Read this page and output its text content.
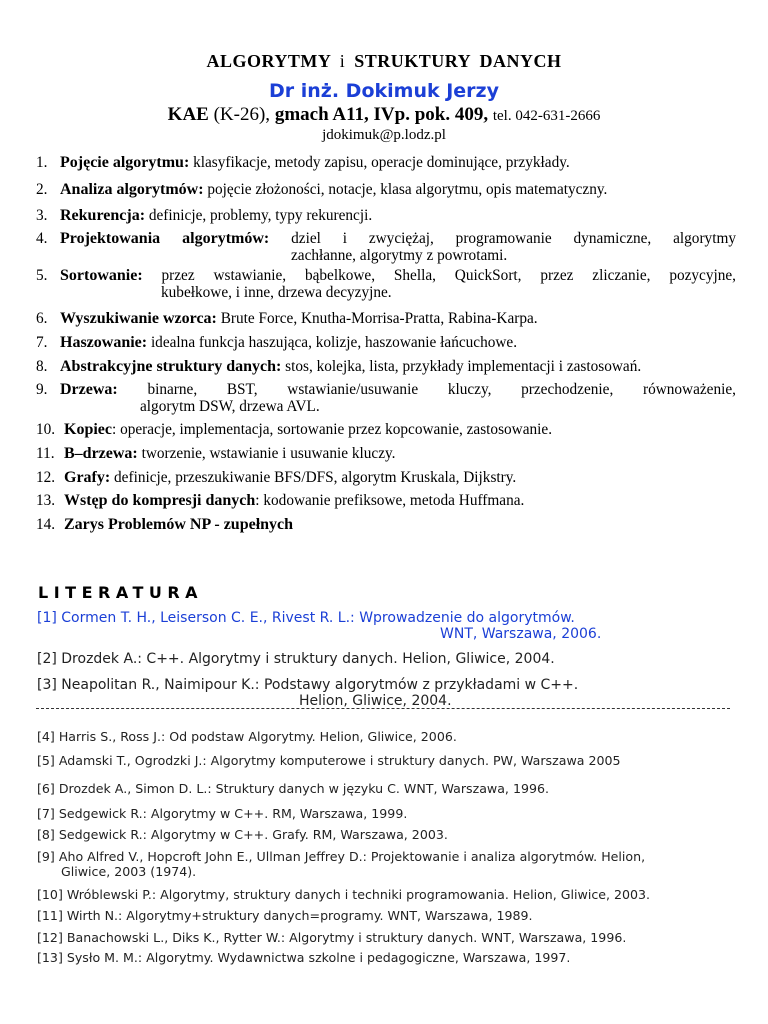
ALGORYTMY i STRUKTURY DANYCH
Dr inż. Dokimuk Jerzy
KAE (K-26), gmach A11, IVp. pok. 409, tel. 042-631-2666
jdokimuk@p.lodz.pl
1. Pojęcie algorytmu: klasyfikacje, metody zapisu, operacje dominujące, przykłady.
2. Analiza algorytmów: pojęcie złożoności, notacje, klasa algorytmu, opis matematyczny.
3. Rekurencja: definicje, problemy, typy rekurencji.
4. Projektowania algorytmów: dziel i zwyciężaj, programowanie dynamiczne, algorytmy
zachłanne, algorytmy z powrotami.
5. Sortowanie: przez wstawianie, bąbelkowe, Shella, QuickSort, przez zliczanie, pozycyjne,
kubełkowe, i inne, drzewa decyzyjne.
6. Wyszukiwanie wzorca: Brute Force, Knutha-Morrisa-Pratta, Rabina-Karpa.
7. Haszowanie: idealna funkcja haszująca, kolizje, haszowanie łańcuchowe.
8. Abstrakcyjne struktury danych: stos, kolejka, lista, przykłady implementacji i zastosowań.
9. Drzewa: binarne, BST, wstawianie/usuwanie kluczy, przechodzenie, równoważenie,
algorytm DSW, drzewa AVL.
10. Kopiec: operacje, implementacja, sortowanie przez kopcowanie, zastosowanie.
11. B–drzewa: tworzenie, wstawianie i usuwanie kluczy.
12. Grafy: definicje, przeszukiwanie BFS/DFS, algorytm Kruskala, Dijkstry.
13. Wstęp do kompresji danych: kodowanie prefiksowe, metoda Huffmana.
14. Zarys Problemów NP - zupełnych
LITERATURA
[1] Cormen T. H., Leiserson C. E., Rivest R. L.: Wprowadzenie do algorytmów.
WNT, Warszawa, 2006.
[2] Drozdek A.: C++. Algorytmy i struktury danych. Helion, Gliwice, 2004.
[3] Neapolitan R., Naimipour K.: Podstawy algorytmów z przykładami w C++.
Helion, Gliwice, 2004.
[4] Harris S., Ross J.: Od podstaw Algorytmy. Helion, Gliwice, 2006.
[5] Adamski T., Ogrodzki J.: Algorytmy komputerowe i struktury danych. PW, Warszawa 2005
[6] Drozdek A., Simon D. L.: Struktury danych w języku C. WNT, Warszawa, 1996.
[7] Sedgewick R.: Algorytmy w C++. RM, Warszawa, 1999.
[8] Sedgewick R.: Algorytmy w C++. Grafy. RM, Warszawa, 2003.
[9] Aho Alfred V., Hopcroft John E., Ullman Jeffrey D.: Projektowanie i analiza algorytmów. Helion,
Gliwice, 2003 (1974).
[10] Wróblewski P.: Algorytmy, struktury danych i techniki programowania. Helion, Gliwice, 2003.
[11] Wirth N.: Algorytmy+struktury danych=programy. WNT, Warszawa, 1989.
[12] Banachowski L., Diks K., Rytter W.: Algorytmy i struktury danych. WNT, Warszawa, 1996.
[13] Sysło M. M.: Algorytmy. Wydawnictwa szkolne i pedagogiczne, Warszawa, 1997.
